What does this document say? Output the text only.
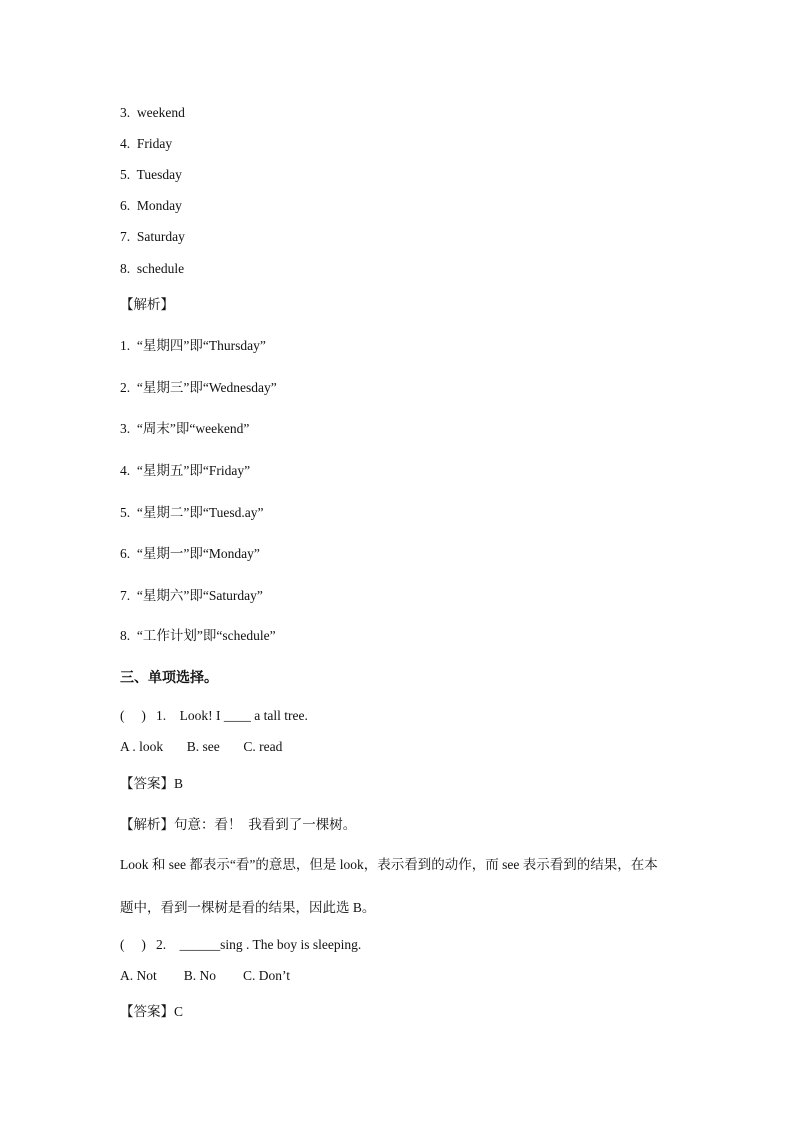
3.  weekend
4.  Friday
5.  Tuesday
6.  Monday
7.  Saturday
8.  schedule
【解析】
1.  “星期四”即“Thursday”
2.  “星期三”即“Wednesday”
3.  “周末”即“weekend”
4.  “星期五”即“Friday”
5.  “星期二”即“Tuesd.ay”
6.  “星期一”即“Monday”
7.  “星期六”即“Saturday”
8.  “工作计划”即“schedule”
三、单项选择。
(     )   1.    Look! I ____ a tall tree.
A . look       B. see       C. read
【答案】B
【解析】句意：看！  我看到了一棵树。
Look 和 see 都表示“看”的意思，但是 look，表示看到的动作，而 see 表示看到的结果，在本
题中，看到一棵树是看的结果，因此选 B。
(     )   2.    ______sing . The boy is sleeping.
A. Not        B. No        C. Don’t
【答案】C
